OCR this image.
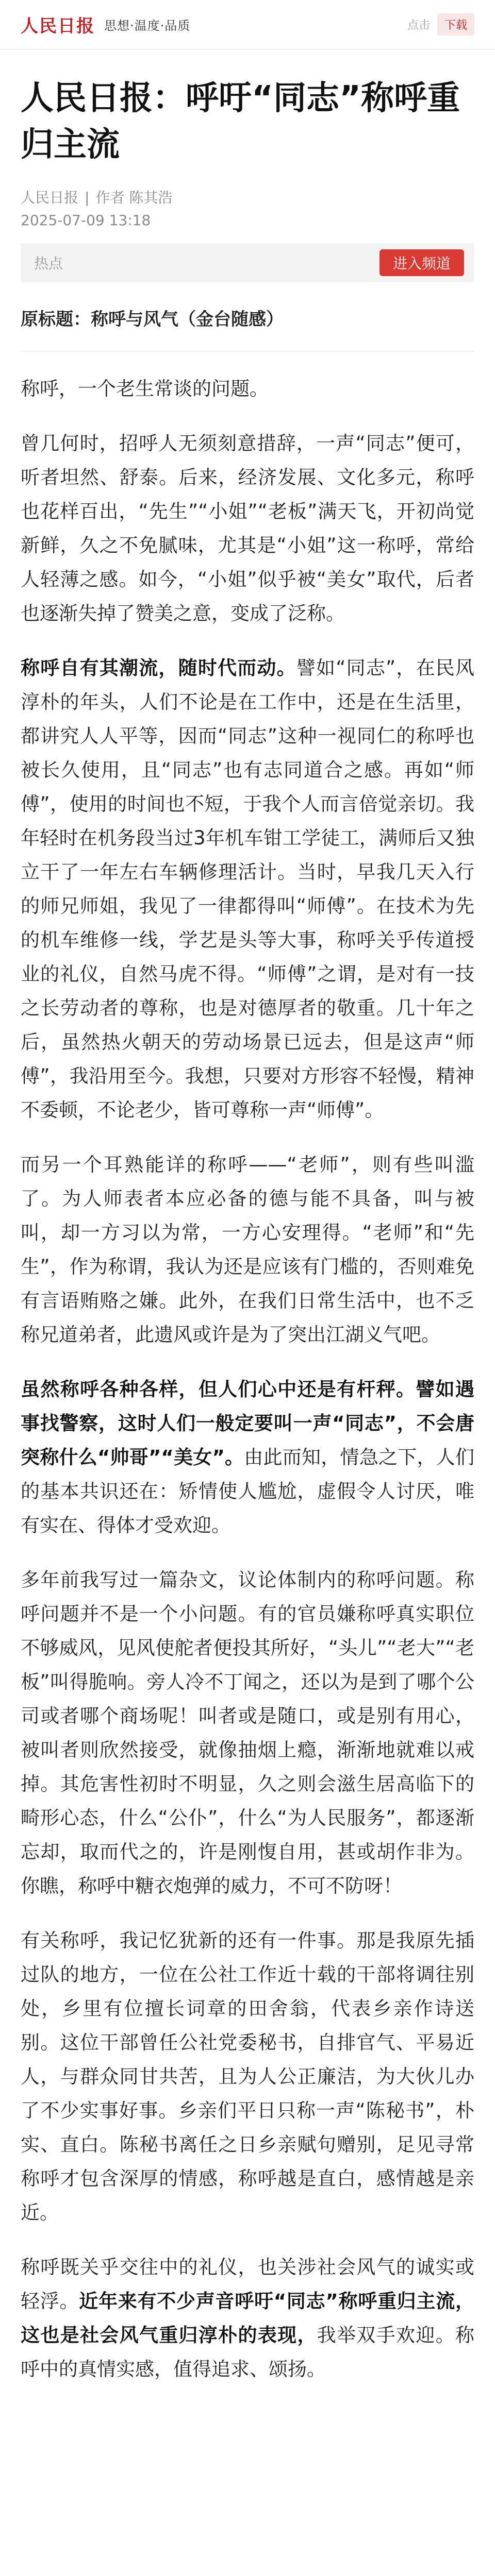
人民日报 思想·温度·品质	点击	下载
人民日报：呼吁“同志”称呼重归主流
人民日报 | 作者 陈其浩
2025-07-09 13:18
热点	进入频道
原标题：称呼与风气（金台随感）

称呼，一个老生常谈的问题。

曾几何时，招呼人无须刻意措辞，一声“同志”便可，听者坦然、舒泰。后来，经济发展、文化多元，称呼也花样百出，“先生”“小姐”“老板”满天飞，开初尚觉新鲜，久之不免腻味，尤其是“小姐”这一称呼，常给人轻薄之感。如今，“小姐”似乎被“美女”取代，后者也逐渐失掉了赞美之意，变成了泛称。

称呼自有其潮流，随时代而动。譬如“同志”，在民风淳朴的年头，人们不论是在工作中，还是在生活里，都讲究人人平等，因而“同志”这种一视同仁的称呼也被长久使用，且“同志”也有志同道合之感。再如“师傅”，使用的时间也不短，于我个人而言倍觉亲切。我年轻时在机务段当过3年机车钳工学徒工，满师后又独立干了一年左右车辆修理活计。当时，早我几天入行的师兄师姐，我见了一律都得叫“师傅”。在技术为先的机车维修一线，学艺是头等大事，称呼关乎传道授业的礼仪，自然马虎不得。“师傅”之谓，是对有一技之长劳动者的尊称，也是对德厚者的敬重。几十年之后，虽然热火朝天的劳动场景已远去，但是这声“师傅”，我沿用至今。我想，只要对方形容不轻慢，精神不委顿，不论老少，皆可尊称一声“师傅”。

而另一个耳熟能详的称呼——“老师”，则有些叫滥了。为人师表者本应必备的德与能不具备，叫与被叫，却一方习以为常，一方心安理得。“老师”和“先生”，作为称谓，我认为还是应该有门槛的，否则难免有言语贿赂之嫌。此外，在我们日常生活中，也不乏称兄道弟者，此遗风或许是为了突出江湖义气吧。

虽然称呼各种各样，但人们心中还是有杆秤。譬如遇事找警察，这时人们一般定要叫一声“同志”，不会唐突称什么“帅哥”“美女”。由此而知，情急之下，人们的基本共识还在：矫情使人尴尬，虚假令人讨厌，唯有实在、得体才受欢迎。

多年前我写过一篇杂文，议论体制内的称呼问题。称呼问题并不是一个小问题。有的官员嫌称呼真实职位不够威风，见风使舵者便投其所好，“头儿”“老大”“老板”叫得脆响。旁人冷不丁闻之，还以为是到了哪个公司或者哪个商场呢！叫者或是随口，或是别有用心，被叫者则欣然接受，就像抽烟上瘾，渐渐地就难以戒掉。其危害性初时不明显，久之则会滋生居高临下的畸形心态，什么“公仆”，什么“为人民服务”，都逐渐忘却，取而代之的，许是刚愎自用，甚或胡作非为。你瞧，称呼中糖衣炮弹的威力，不可不防呀！

有关称呼，我记忆犹新的还有一件事。那是我原先插过队的地方，一位在公社工作近十载的干部将调往别处，乡里有位擅长词章的田舍翁，代表乡亲作诗送别。这位干部曾任公社党委秘书，自排官气、平易近人，与群众同甘共苦，且为人公正廉洁，为大伙儿办了不少实事好事。乡亲们平日只称一声“陈秘书”，朴实、直白。陈秘书离任之日乡亲赋句赠别，足见寻常称呼才包含深厚的情感，称呼越是直白，感情越是亲近。

称呼既关乎交往中的礼仪，也关涉社会风气的诚实或轻浮。近年来有不少声音呼吁“同志”称呼重归主流，这也是社会风气重归淳朴的表现，我举双手欢迎。称呼中的真情实感，值得追求、颂扬。
